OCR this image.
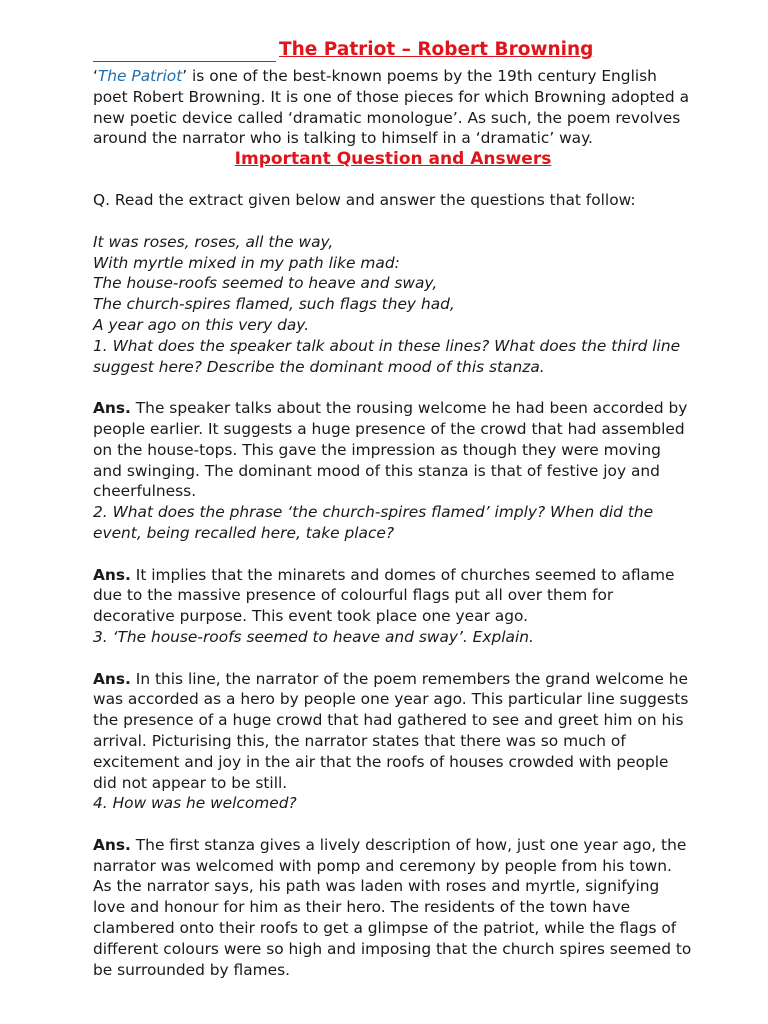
The Patriot – Robert Browning

‘The Patriot’ is one of the best-known poems by the 19th century English poet Robert Browning. It is one of those pieces for which Browning adopted a new poetic device called ‘dramatic monologue’. As such, the poem revolves around the narrator who is talking to himself in a ‘dramatic’ way.

Important Question and Answers

Q. Read the extract given below and answer the questions that follow:

It was roses, roses, all the way,

With myrtle mixed in my path like mad:

The house-roofs seemed to heave and sway,

The church-spires flamed, such flags they had,

A year ago on this very day.

1. What does the speaker talk about in these lines? What does the third line suggest here? Describe the dominant mood of this stanza.

Ans. The speaker talks about the rousing welcome he had been accorded by people earlier. It suggests a huge presence of the crowd that had assembled on the house-tops. This gave the impression as though they were moving and swinging. The dominant mood of this stanza is that of festive joy and cheerfulness.

2. What does the phrase ‘the church-spires flamed’ imply? When did the event, being recalled here, take place?

Ans. It implies that the minarets and domes of churches seemed to aflame due to the massive presence of colourful flags put all over them for decorative purpose. This event took place one year ago.

3. ‘The house-roofs seemed to heave and sway’. Explain.

Ans. In this line, the narrator of the poem remembers the grand welcome he was accorded as a hero by people one year ago. This particular line suggests the presence of a huge crowd that had gathered to see and greet him on his arrival. Picturising this, the narrator states that there was so much of excitement and joy in the air that the roofs of houses crowded with people did not appear to be still.

4. How was he welcomed?

Ans. The first stanza gives a lively description of how, just one year ago, the narrator was welcomed with pomp and ceremony by people from his town. As the narrator says, his path was laden with roses and myrtle, signifying love and honour for him as their hero. The residents of the town have clambered onto their roofs to get a glimpse of the patriot, while the flags of different colours were so high and imposing that the church spires seemed to be surrounded by flames.
